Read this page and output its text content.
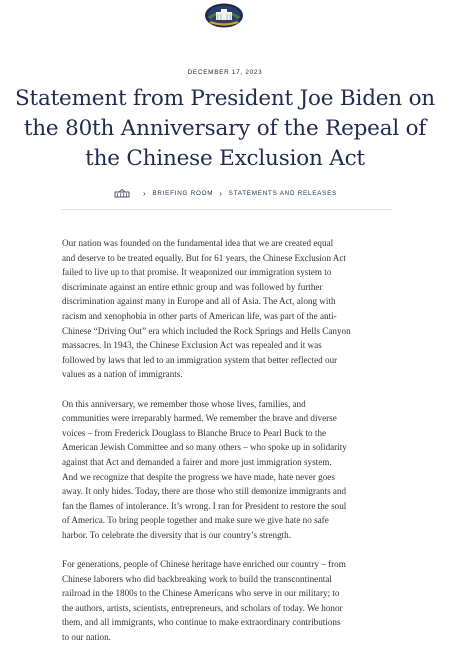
DECEMBER 17, 2023
Statement from President Joe Biden on
the 80th Anniversary of the Repeal of
the Chinese Exclusion Act
› BRIEFING ROOM › STATEMENTS AND RELEASES

Our nation was founded on the fundamental idea that we are created equal
and deserve to be treated equally. But for 61 years, the Chinese Exclusion Act
failed to live up to that promise. It weaponized our immigration system to
discriminate against an entire ethnic group and was followed by further
discrimination against many in Europe and all of Asia. The Act, along with
racism and xenophobia in other parts of American life, was part of the anti-
Chinese “Driving Out” era which included the Rock Springs and Hells Canyon
massacres. In 1943, the Chinese Exclusion Act was repealed and it was
followed by laws that led to an immigration system that better reflected our
values as a nation of immigrants.

On this anniversary, we remember those whose lives, families, and
communities were irreparably harmed. We remember the brave and diverse
voices – from Frederick Douglass to Blanche Bruce to Pearl Buck to the
American Jewish Committee and so many others – who spoke up in solidarity
against that Act and demanded a fairer and more just immigration system.
And we recognize that despite the progress we have made, hate never goes
away. It only hides. Today, there are those who still demonize immigrants and
fan the flames of intolerance. It’s wrong. I ran for President to restore the soul
of America. To bring people together and make sure we give hate no safe
harbor. To celebrate the diversity that is our country’s strength.

For generations, people of Chinese heritage have enriched our country – from
Chinese laborers who did backbreaking work to build the transcontinental
railroad in the 1800s to the Chinese Americans who serve in our military; to
the authors, artists, scientists, entrepreneurs, and scholars of today. We honor
them, and all immigrants, who continue to make extraordinary contributions
to our nation.
